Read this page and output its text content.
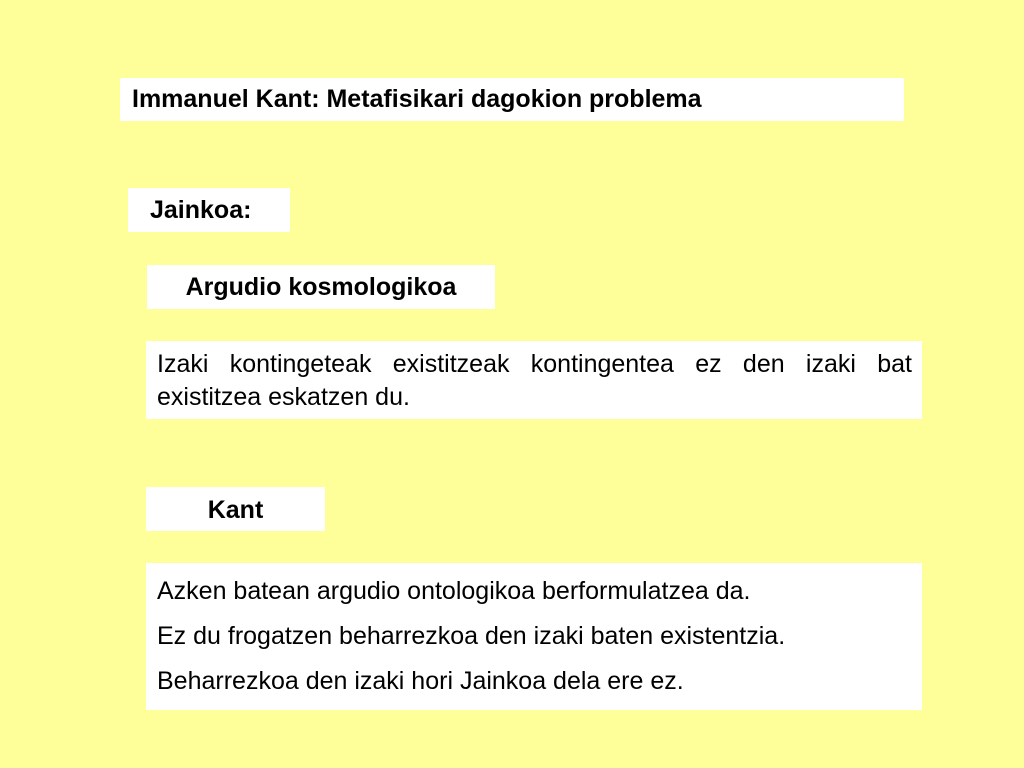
Immanuel Kant: Metafisikari dagokion problema
Jainkoa:
Argudio kosmologikoa
Izaki kontingeteak existitzeak kontingentea ez den izaki bat existitzea eskatzen du.
Kant
Azken batean argudio ontologikoa berformulatzea da.
Ez du frogatzen beharrezkoa den izaki baten existentzia.
Beharrezkoa den izaki hori Jainkoa dela ere ez.
